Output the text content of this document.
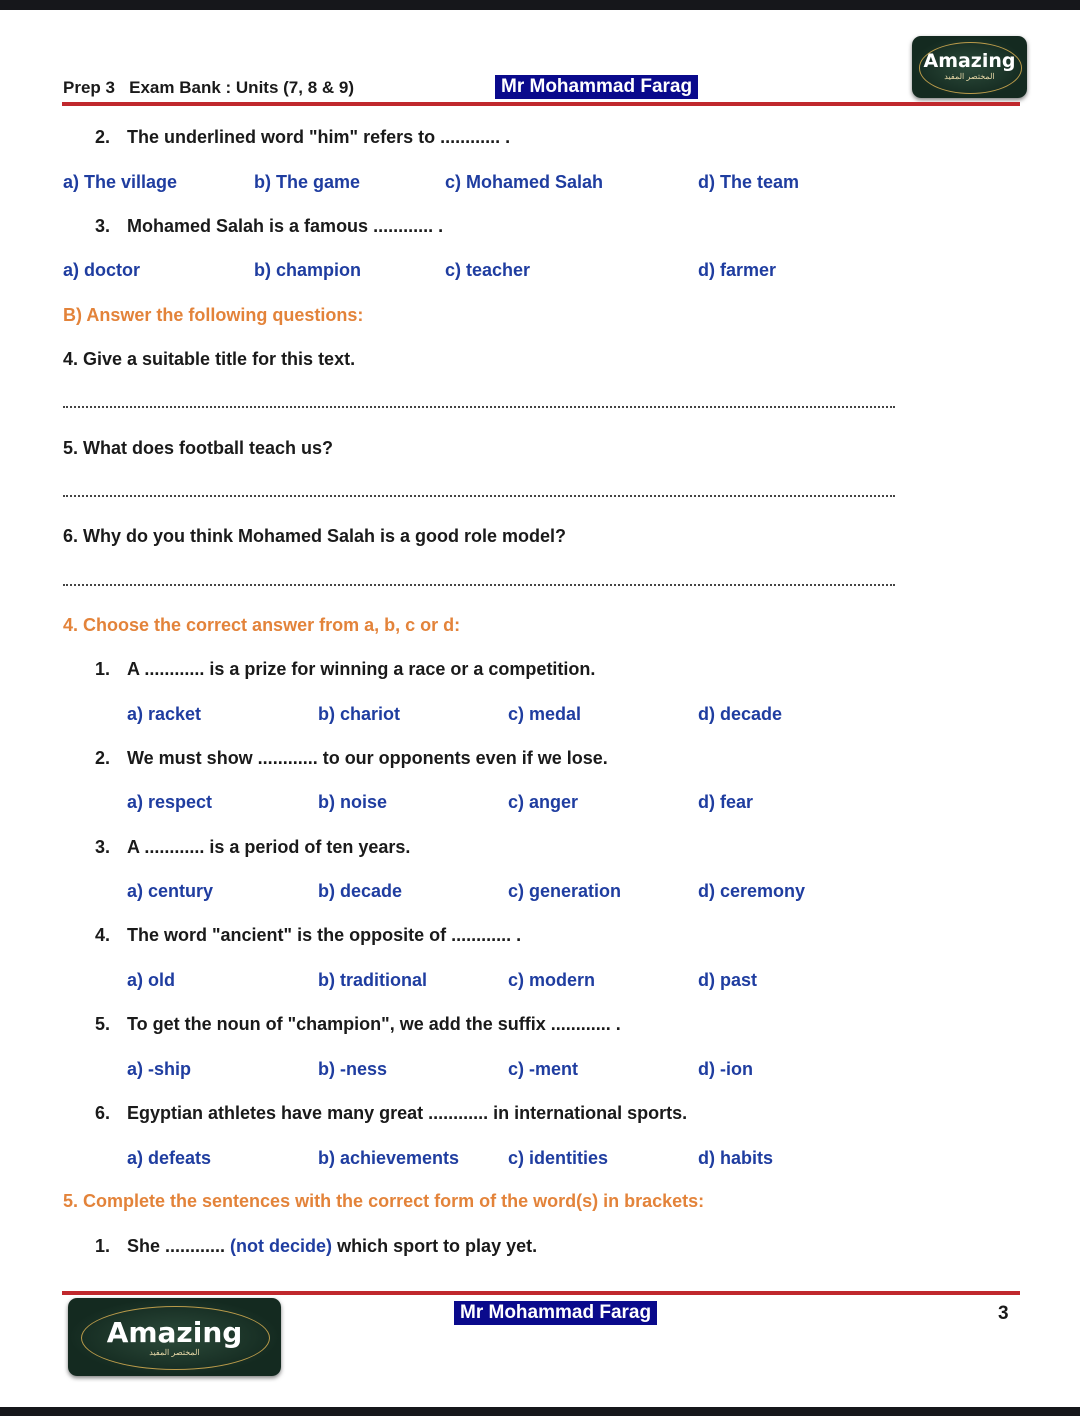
Prep 3   Exam Bank : Units (7, 8 & 9)	Mr Mohammad Farag
Amazing
المختصر المفيد
2. The underlined word "him" refers to ............ .
a) The village	b) The game	c) Mohamed Salah	d) The team
3. Mohamed Salah is a famous ............ .
a) doctor	b) champion	c) teacher	d) farmer
B) Answer the following questions:
4. Give a suitable title for this text.
5. What does football teach us?
6. Why do you think Mohamed Salah is a good role model?
4. Choose the correct answer from a, b, c or d:
1. A ............ is a prize for winning a race or a competition.
a) racket	b) chariot	c) medal	d) decade
2. We must show ............ to our opponents even if we lose.
a) respect	b) noise	c) anger	d) fear
3. A ............ is a period of ten years.
a) century	b) decade	c) generation	d) ceremony
4. The word "ancient" is the opposite of ............ .
a) old	b) traditional	c) modern	d) past
5. To get the noun of "champion", we add the suffix ............ .
a) -ship	b) -ness	c) -ment	d) -ion
6. Egyptian athletes have many great ............ in international sports.
a) defeats	b) achievements	c) identities	d) habits
5. Complete the sentences with the correct form of the word(s) in brackets:
1. She ............ (not decide) which sport to play yet.
Amazing
المختصر المفيد
Mr Mohammad Farag	3
